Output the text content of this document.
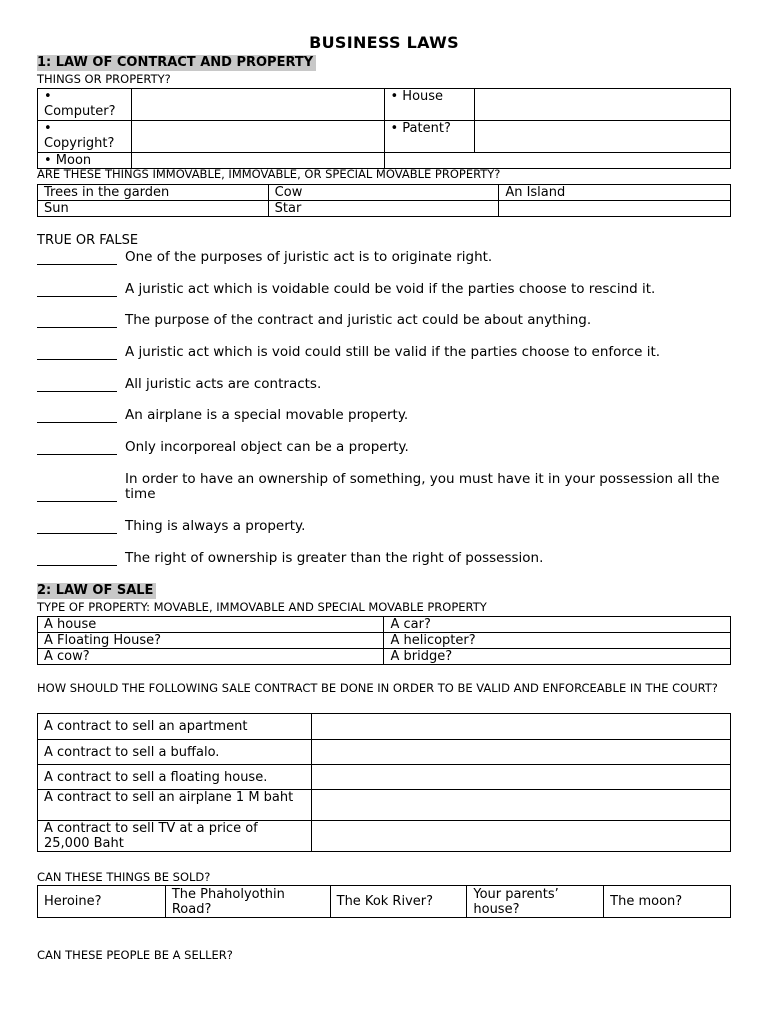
BUSINESS LAWS
1: LAW OF CONTRACT AND PROPERTY
THINGS OR PROPERTY?
• Computer?		• House	
• Copyright?		• Patent?	
• Moon			
ARE THESE THINGS IMMOVABLE, IMMOVABLE, OR SPECIAL MOVABLE PROPERTY?
Trees in the garden	Cow	An Island
Sun	Star	
TRUE OR FALSE
One of the purposes of juristic act is to originate right.
A juristic act which is voidable could be void if the parties choose to rescind it.
The purpose of the contract and juristic act could be about anything.
A juristic act which is void could still be valid if the parties choose to enforce it.
All juristic acts are contracts.
An airplane is a special movable property.
Only incorporeal object can be a property.
In order to have an ownership of something, you must have it in your possession all the time
Thing is always a property.
The right of ownership is greater than the right of possession.
2: LAW OF SALE
TYPE OF PROPERTY: MOVABLE, IMMOVABLE AND SPECIAL MOVABLE PROPERTY
A house	A car?
A Floating House?	A helicopter?
A cow?	A bridge?
HOW SHOULD THE FOLLOWING SALE CONTRACT BE DONE IN ORDER TO BE VALID AND ENFORCEABLE IN THE COURT?
A contract to sell an apartment	
A contract to sell a buffalo.	
A contract to sell a floating house.	
A contract to sell an airplane 1 M baht	
A contract to sell TV at a price of 25,000 Baht	
CAN THESE THINGS BE SOLD?
Heroine?	The Phaholyothin Road?	The Kok River?	Your parents’ house?	The moon?
CAN THESE PEOPLE BE A SELLER?
